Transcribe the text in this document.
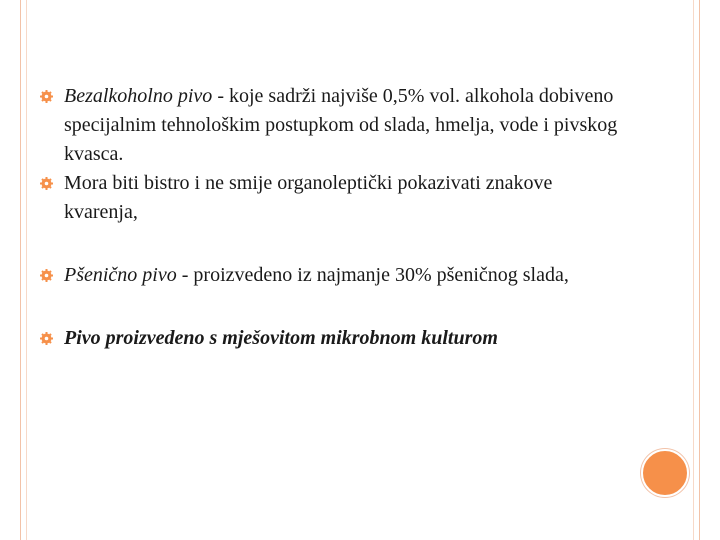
Bezalkoholno pivo - koje sadrži najviše 0,5% vol. alkohola dobiveno specijalnim tehnološkim postupkom od slada, hmelja, vode i pivskog kvasca.
Mora biti bistro i ne smije organoleptički pokazivati znakove kvarenja,
Pšenično pivo - proizvedeno iz najmanje 30% pšeničnog slada,
Pivo proizvedeno s mješovitom mikrobnom kulturom
